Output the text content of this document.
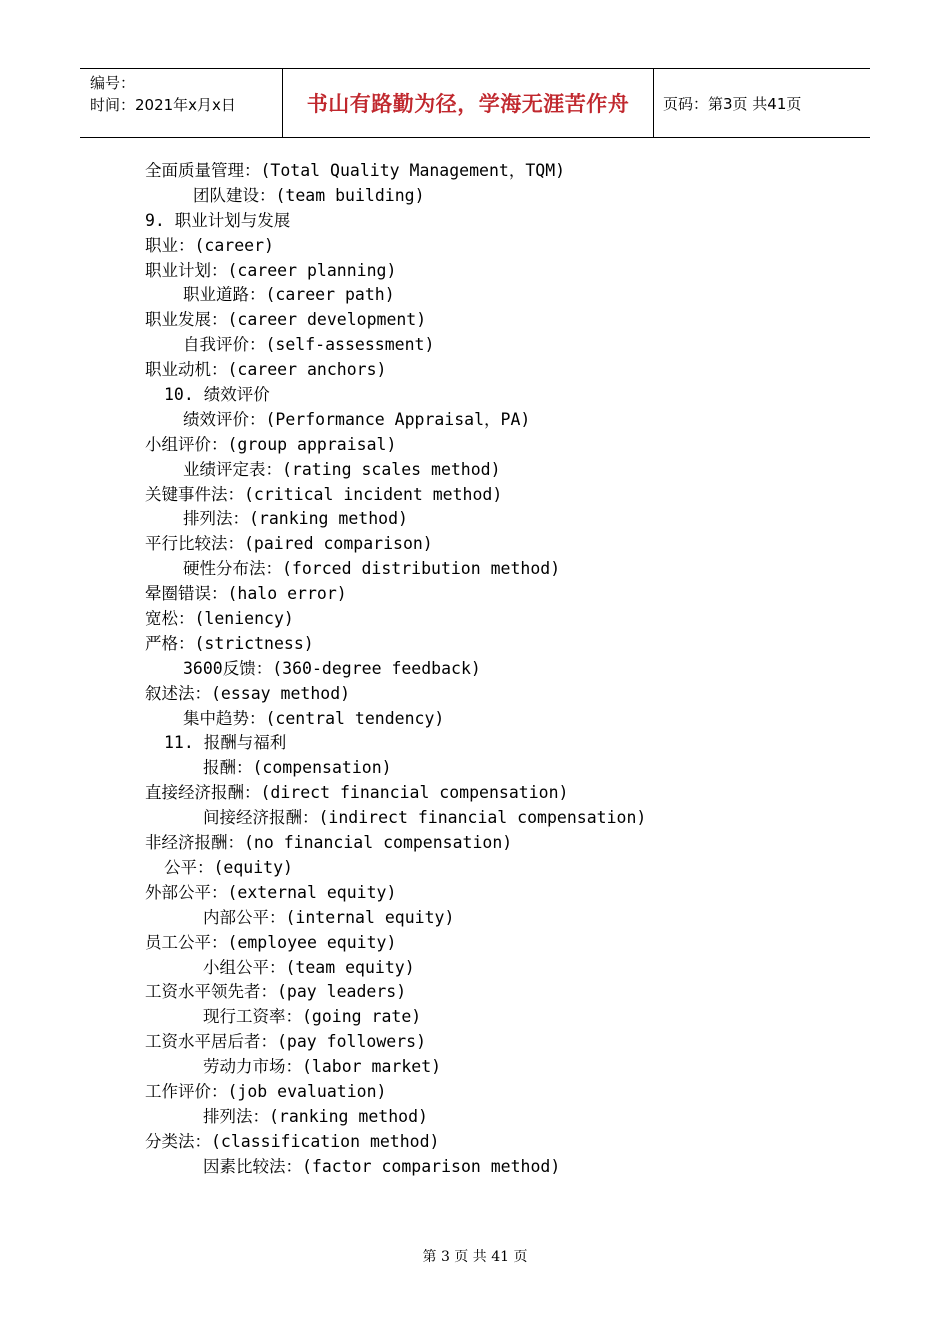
编号：
时间：2021年x月x日	书山有路勤为径，学海无涯苦作舟	页码：第3页 共41页
全面质量管理：(Total Quality Management，TQM)
团队建设：(team building)
9. 职业计划与发展
职业：(career)
职业计划：(career planning)
职业道路：(career path)
职业发展：(career development)
自我评价：(self-assessment)
职业动机：(career anchors)
10. 绩效评价
绩效评价：(Performance Appraisal，PA)
小组评价：(group appraisal)
业绩评定表：(rating scales method)
关键事件法：(critical incident method)
排列法：(ranking method)
平行比较法：(paired comparison)
硬性分布法：(forced distribution method)
晕圈错误：(halo error)
宽松：(leniency)
严格：(strictness)
3600反馈：(360-degree feedback)
叙述法：(essay method)
集中趋势：(central tendency)
11. 报酬与福利
报酬：(compensation)
直接经济报酬：(direct financial compensation)
间接经济报酬：(indirect financial compensation)
非经济报酬：(no financial compensation)
公平：(equity)
外部公平：(external equity)
内部公平：(internal equity)
员工公平：(employee equity)
小组公平：(team equity)
工资水平领先者：(pay leaders)
现行工资率：(going rate)
工资水平居后者：(pay followers)
劳动力市场：(labor market)
工作评价：(job evaluation)
排列法：(ranking method)
分类法：(classification method)
因素比较法：(factor comparison method)
第 3 页 共 41 页
